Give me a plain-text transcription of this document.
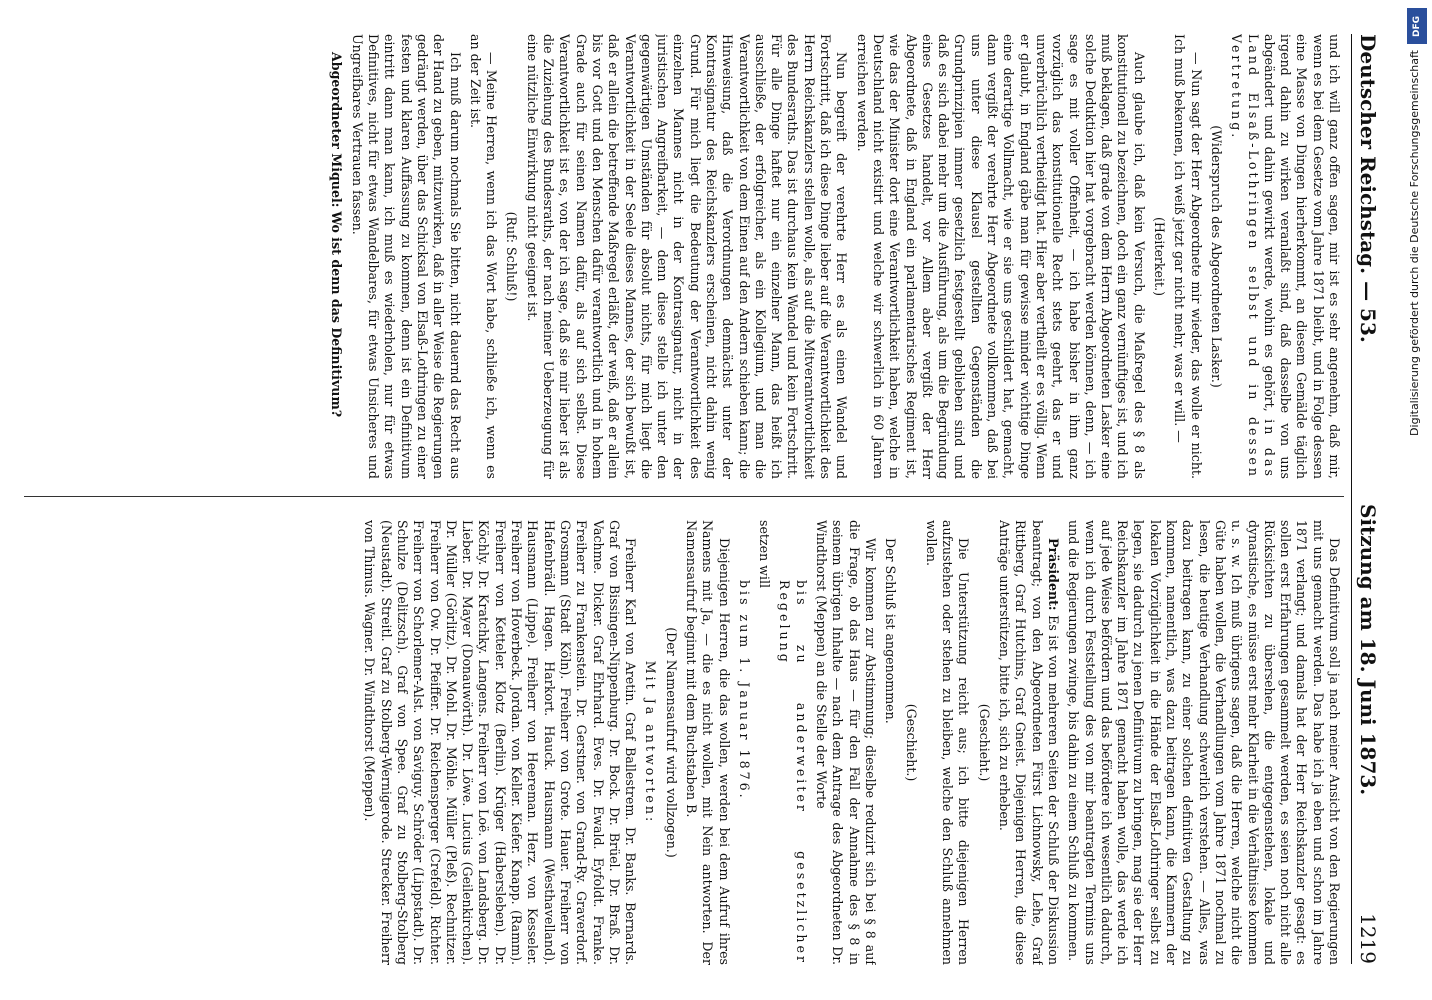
Deutscher Reichstag. — 53.
Sitzung am 18. Juni 1873.
1219

und ich will ganz offen sagen, mir ist es sehr angenehm, daß mir, wenn es bei dem Gesetze vom Jahre 1871 bleibt, und in Folge dessen eine Masse von Dingen hierherkommt, an diesem Gemälde täglich irgend dahin zu wirken veranlaßt sind, daß dasselbe von uns abgeändert und dahin gewirkt werde, wohin es gehört, in das Land Elsaß-Lothringen selbst und in dessen Vertretung.

(Widerspruch des Abgeordneten Lasker.)

— Nun sagt der Herr Abgeordnete mir wieder, das wolle er nicht. Ich muß bekennen, ich weiß jetzt gar nicht mehr, was er will. —

(Heiterkeit.)

Auch glaube ich, daß kein Versuch, die Maßregel des § 8 als konstitutionell zu bezeichnen, doch ein ganz vernünftiges ist, und ich muß beklagen, daß grade von dem Herrn Abgeordneten Lasker eine solche Deduktion hier hat vorgebracht werden können, denn, — ich sage es mit voller Offenheit, — ich habe bisher in ihm ganz vorzüglich das konstitutionelle Recht stets geehrt, das er und unverbrüchlich vertheidigt hat. Hier aber vertheilt er es völlig. Wenn er glaubt, in England gäbe man für gewisse minder wichtige Dinge eine derartige Vollmacht, wie er sie uns geschildert hat, gemacht, dann vergißt der verehrte Herr Abgeordnete vollkommen, daß bei uns unter diese Klausel gestellten Gegenständen die Grundprinzipien immer gesetzlich festgestellt geblieben sind und daß es sich dabei mehr um die Ausführung, als um die Begründung eines Gesetzes handelt, vor Allem aber vergißt der Herr Abgeordnete, daß in England ein parlamentarisches Regiment ist, wie das der Minister dort eine Verantwortlichkeit haben, welche in Deutschland nicht existirt und welche wir schwerlich in 60 Jahren erreichen werden.

Nun begreift der verehrte Herr es als einen Wandel und Fortschritt, daß ich diese Dinge lieber auf die Verantwortlichkeit des Herrn Reichskanzlers stellen wolle, als auf die Mitverantwortlichkeit des Bundesraths. Das ist durchaus kein Wandel und kein Fortschritt. Für alle Dinge haftet nur ein einzelner Mann, das heißt ich ausschließe, der erfolgreicher, als ein Kollegium, und man die Verantwortlichkeit von dem Einen auf den Andern schieben kann; die Hinweisung, daß die Verordnungen demnächst unter der Kontrasignatur des Reichskanzlers erscheinen, nicht dahin wenig Grund. Für mich liegt die Bedeutung der Verantwortlichkeit des einzelnen Mannes nicht in der Kontrasignatur, nicht in der juristischen Angreifbarkeit, — denn diese stelle ich unter den gegenwärtigen Umständen für absolut nichts, für mich liegt die Verantwortlichkeit in der Seele dieses Mannes, der sich bewußt ist, daß er allein die betreffende Maßregel erläßt, der weiß, daß er allein bis vor Gott und den Menschen dafür verantwortlich und in hohem Grade auch für seinen Namen dafür, als auf sich selbst. Diese Verantwortlichkeit ist es, von der ich sage, daß sie mir lieber ist als die Zuziehung des Bundesraths, der nach meiner Ueberzeugung für eine nützliche Einwirkung nicht geeignet ist.

(Ruf: Schluß!)

— Meine Herren, wenn ich das Wort habe, schließe ich, wenn es an der Zeit ist.

Ich muß darum nochmals Sie bitten, nicht dauernd das Recht aus der Hand zu geben, mitzuwirken, daß in aller Weise die Regierungen gedrängt werden, über das Schicksal von Elsaß-Lothringen zu einer festen und klaren Auffassung zu kommen, denn ist ein Definitivum eintritt dann man kann, ich muß es wiederholen, nur für etwas Definitives, nicht für etwas Wandelbares, für etwas Unsicheres und Ungreifbares Vertrauen fassen.

Abgeordneter Miquel: Wo ist denn das Definitivum?

Das Definitivum soll ja nach meiner Ansicht von den Regierungen mit uns gemacht werden. Das habe ich ja eben und schon im Jahre 1871 verlangt; und damals hat der Herr Reichskanzler gesagt: es sollen erst Erfahrungen gesammelt werden, es seien noch nicht alle Rücksichten zu übersehen, die entgegenstehen, lokale und dynastische, es müsse erst mehr Klarheit in die Verhältnisse kommen u. s. w. Ich muß übrigens sagen, daß die Herren, welche nicht die Güte haben wollen, die Verhandlungen vom Jahre 1871 nochmal zu lesen, die heutige Verhandlung schwerlich verstehen. — Alles, was dazu beitragen kann, zu einer solchen definitiven Gestaltung zu kommen, namentlich, was dazu beitragen kann, die Kammern der lokalen Vorzüglichkeit in die Hände der Elsaß-Lothringer selbst zu legen, sie dadurch zu jenen Definitivum zu bringen, mag sie der Herr Reichskanzler im Jahre 1871 gemacht haben wolle, das werde ich auf jede Weise befördern und das befördere ich wesentlich dadurch, wenn ich durch Feststellung des von mir beantragten Termins uns und die Regierungen zwinge, bis dahin zu einem Schluß zu kommen.

Präsident: Es ist von mehreren Seiten der Schluß der Diskussion beantragt; von den Abgeordneten Fürst Lichnowsky, Lehe, Graf Rittberg, Graf Hutchins, Graf Gneist. Diejenigen Herren, die diese Anträge unterstützen, bitte ich, sich zu erheben.

(Geschieht.)

Die Unterstützung reicht aus; ich bitte diejenigen Herren aufzustehen oder stehen zu bleiben, welche den Schluß annehmen wollen.

(Geschieht.)

Der Schluß ist angenommen.

Wir kommen zur Abstimmung; dieselbe reduzirt sich bei § 8 auf die Frage, ob das Haus — für den Fall der Annahme des § 8 in seinem übrigen Inhalte — nach dem Antrage des Abgeordneten Dr. Windthorst (Meppen) an die Stelle der Worte

bis zu anderweiter gesetzlicher Regelung

setzen will

bis zum 1. Januar 1876.

Diejenigen Herren, die das wollen, werden bei dem Aufruf ihres Namens mit Ja, — die es nicht wollen, mit Nein antworten. Der Namensaufruf beginnt mit dem Buchstaben B.

(Der Namensaufruf wird vollzogen.)

Mit Ja antworten:

Freiherr Karl von Aretin. Graf Ballestrem. Dr. Banks. Bernards. Graf von Bissingen-Nippenburg. Dr. Bock. Dr. Brüel. Dr. Braß. Dr. Vachme. Dicker. Graf Ehrhard. Eves. Dr. Ewald. Eyfoldt. Franke. Freiherr zu Frankenstein. Dr. Gerstner. von Grand-Ry. Graverdorf. Grosmann (Stadt Köln). Freiherr von Grote. Hauer. Freiherr von Hafenbrädl. Hagen. Harkort. Hauck. Hausmann (Westhavelland). Hausmann (Lippe). Freiherr von Heereman. Herz. von Kesseler. Freiherr von Hoverbeck. Jordan. von Keller. Kiefer. Knapp. (Ramm). Freiherr von Ketteler. Klotz (Berlin). Krüger (Habersleben). Dr. Köchly. Dr. Kratchky. Langens. Freiherr von Loë. von Landsberg. Dr. Lieber. Dr. Mayer (Donauwörth). Dr. Löwe. Lucius (Geilenkirchen). Dr. Müller (Görlitz). Dr. Mohl. Dr. Möhle. Müller (Pleß). Rechnitzer. Freiherr von Ow. Dr. Pfeiffer. Dr. Reichensperger (Crefeld). Richter. Freiherr von Schorlemer-Alst. von Saviguy. Schröder (Lippstadt). Dr. Schulze (Delitzsch). Graf von Spee. Graf zu Stolberg-Stolberg (Neustadt). Streitl. Graf zu Stolberg-Wernigerode. Strecker. Freiherr von Thimus. Wagner. Dr. Windthorst (Meppen).

DFG
Digitalisierung gefördert durch die Deutsche Forschungsgemeinschaft
